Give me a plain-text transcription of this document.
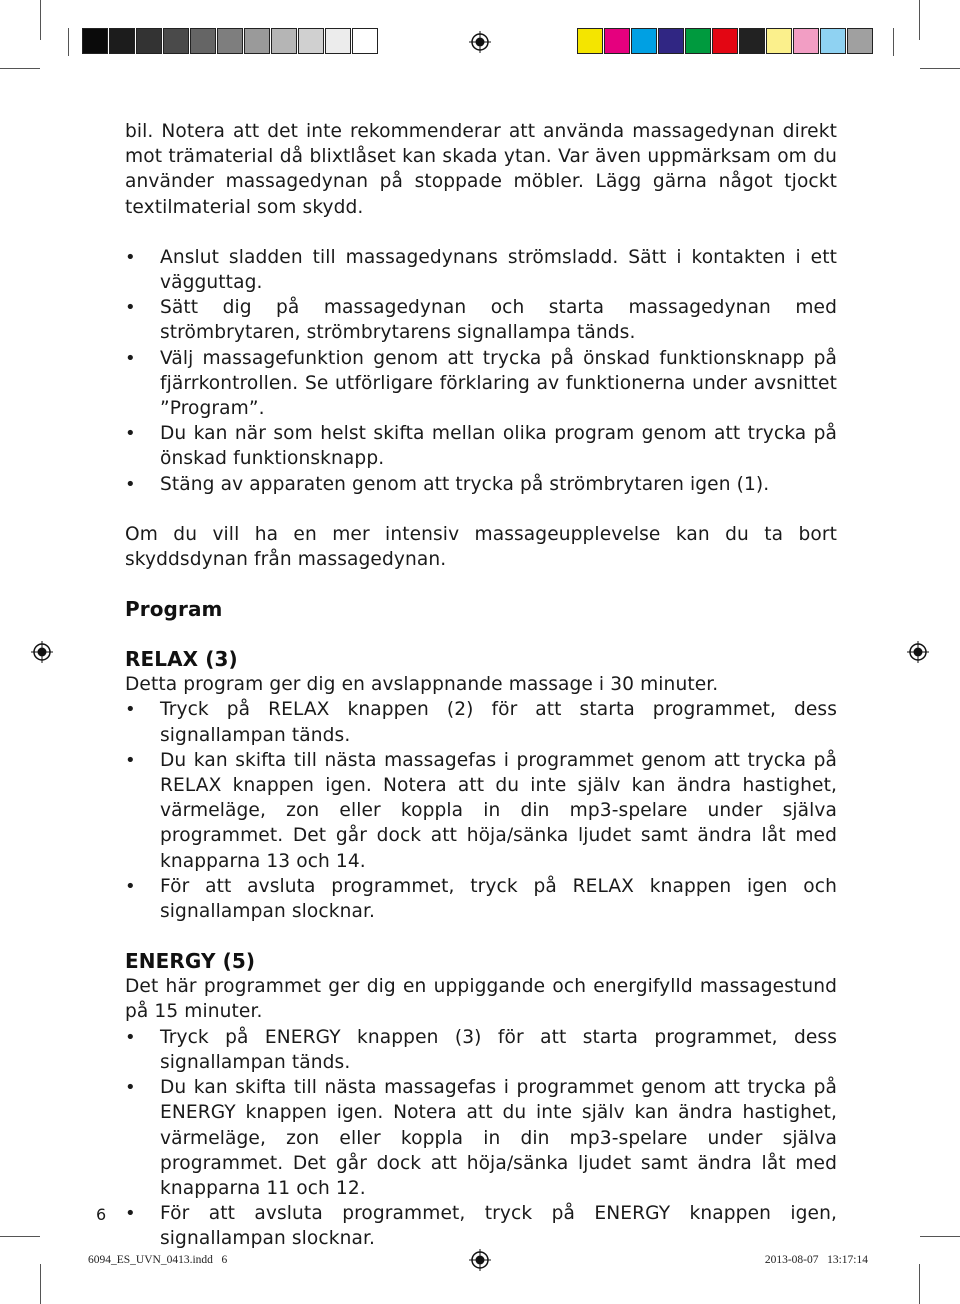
bil. Notera att det inte rekommenderar att använda massagedynan direkt mot trämaterial då blixtlåset kan skada ytan. Var även uppmärksam om du använder massagedynan på stoppade möbler. Lägg gärna något tjockt textilmaterial som skydd.

• Anslut sladden till massagedynans strömsladd. Sätt i kontakten i ett vägguttag.
• Sätt dig på massagedynan och starta massagedynan med strömbrytaren, strömbrytarens signallampa tänds.
• Välj massagefunktion genom att trycka på önskad funktionsknapp på fjärrkontrollen. Se utförligare förklaring av funktionerna under avsnittet ”Program”.
• Du kan när som helst skifta mellan olika program genom att trycka på önskad funktionsknapp.
• Stäng av apparaten genom att trycka på strömbrytaren igen (1).

Om du vill ha en mer intensiv massageupplevelse kan du ta bort skyddsdynan från massagedynan.

Program
RELAX (3)

Detta program ger dig en avslappnande massage i 30 minuter.

• Tryck på RELAX knappen (2) för att starta programmet, dess signallampan tänds.
• Du kan skifta till nästa massagefas i programmet genom att trycka på RELAX knappen igen. Notera att du inte själv kan ändra hastighet, värmeläge, zon eller koppla in din mp3-spelare under själva programmet. Det går dock att höja/sänka ljudet samt ändra låt med knapparna 13 och 14.
• För att avsluta programmet, tryck på RELAX knappen igen och signallampan slocknar.
ENERGY (5)

Det här programmet ger dig en uppiggande och energifylld massagestund på 15 minuter.

• Tryck på ENERGY knappen (3) för att starta programmet, dess signallampan tänds.
• Du kan skifta till nästa massagefas i programmet genom att trycka på ENERGY knappen igen. Notera att du inte själv kan ändra hastighet, värmeläge, zon eller koppla in din mp3-spelare under själva programmet. Det går dock att höja/sänka ljudet samt ändra låt med knapparna 11 och 12.
• För att avsluta programmet, tryck på ENERGY knappen igen, signallampan slocknar.
6
6094_ES_UVN_0413.indd   6	2013-08-07   13:17:14
